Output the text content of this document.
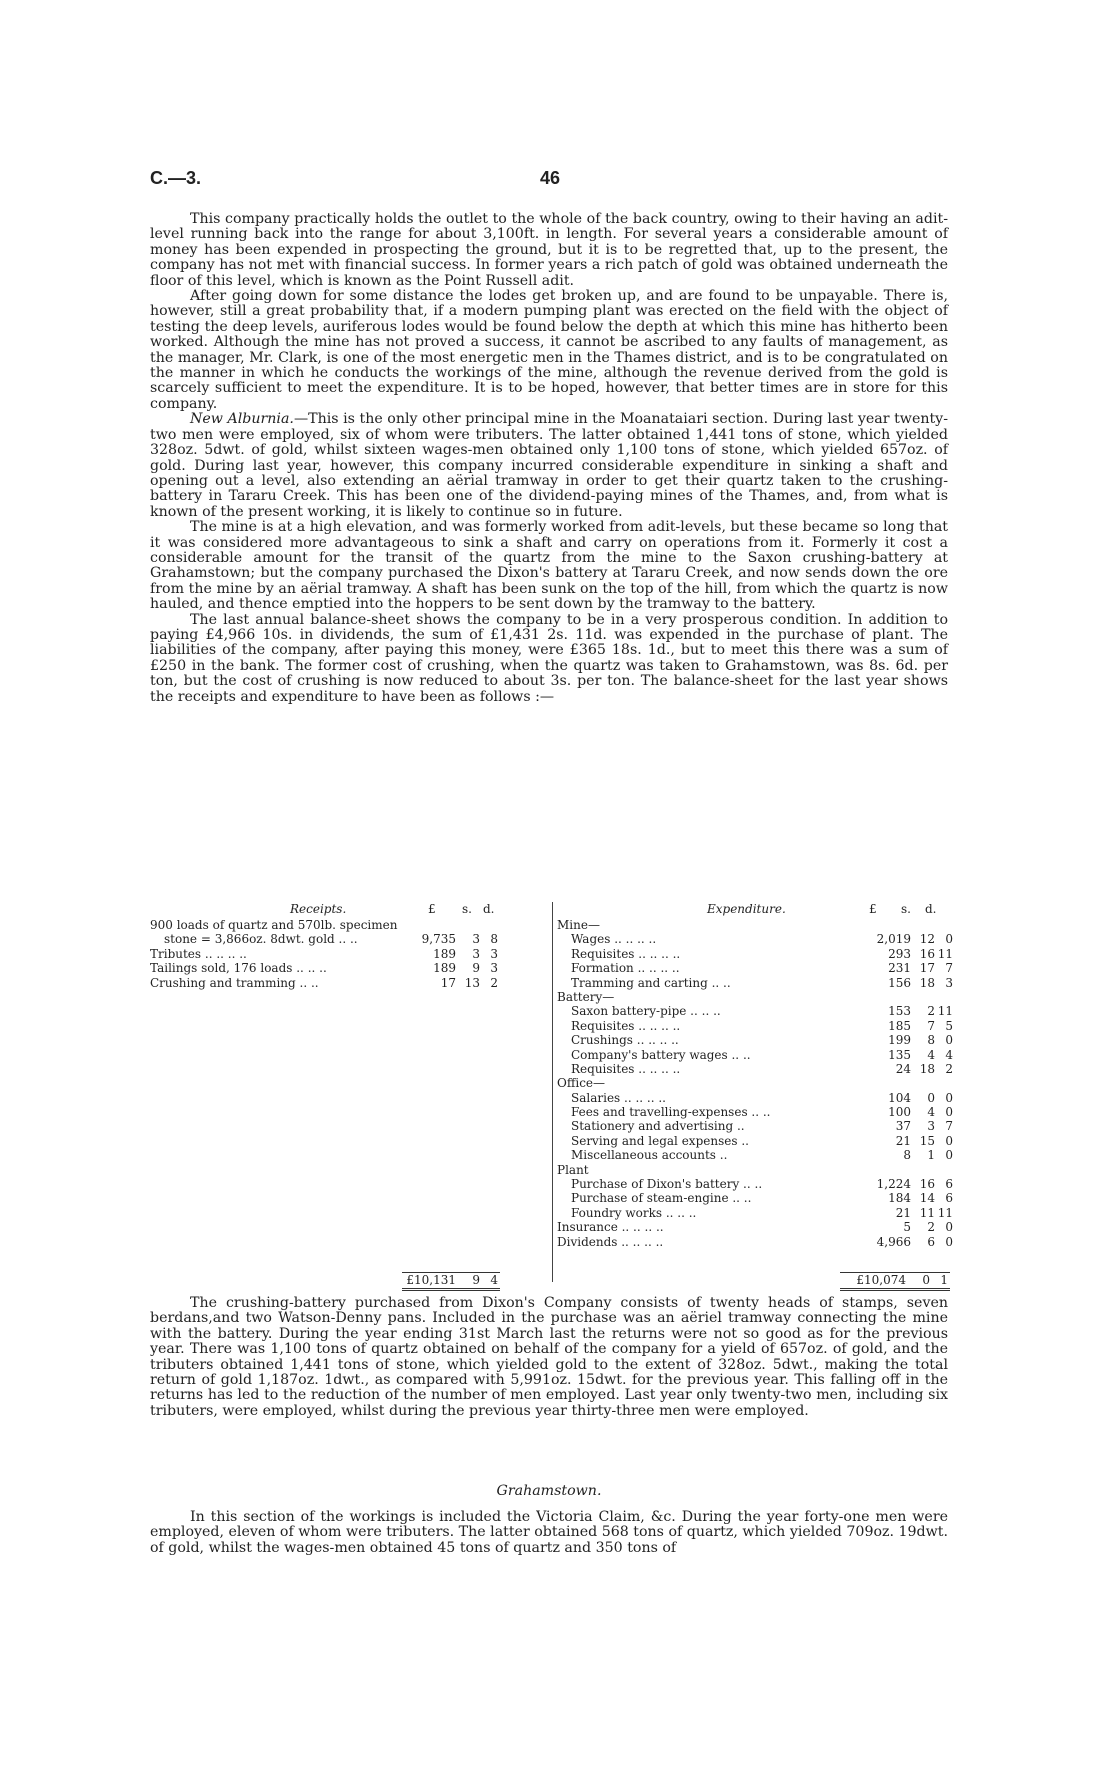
C.—3.	46

This company practically holds the outlet to the whole of the back country, owing to their having an adit-level running back into the range for about 3,100ft. in length. For several years a considerable amount of money has been expended in prospecting the ground, but it is to be regretted that, up to the present, the company has not met with financial success. In former years a rich patch of gold was obtained underneath the floor of this level, which is known as the Point Russell adit.

After going down for some distance the lodes get broken up, and are found to be unpayable. There is, however, still a great probability that, if a modern pumping plant was erected on the field with the object of testing the deep levels, auriferous lodes would be found below the depth at which this mine has hitherto been worked. Although the mine has not proved a success, it cannot be ascribed to any faults of management, as the manager, Mr. Clark, is one of the most energetic men in the Thames district, and is to be congratulated on the manner in which he conducts the workings of the mine, although the revenue derived from the gold is scarcely sufficient to meet the expenditure. It is to be hoped, however, that better times are in store for this company.

New Alburnia.—This is the only other principal mine in the Moanataiari section. During last year twenty-two men were employed, six of whom were tributers. The latter obtained 1,441 tons of stone, which yielded 328oz. 5dwt. of gold, whilst sixteen wages-men obtained only 1,100 tons of stone, which yielded 657oz. of gold. During last year, however, this company incurred considerable expenditure in sinking a shaft and opening out a level, also extending an aërial tramway in order to get their quartz taken to the crushing-battery in Tararu Creek. This has been one of the dividend-paying mines of the Thames, and, from what is known of the present working, it is likely to continue so in future.

The mine is at a high elevation, and was formerly worked from adit-levels, but these became so long that it was considered more advantageous to sink a shaft and carry on operations from it. Formerly it cost a considerable amount for the transit of the quartz from the mine to the Saxon crushing-battery at Grahamstown; but the company purchased the Dixon's battery at Tararu Creek, and now sends down the ore from the mine by an aërial tramway. A shaft has been sunk on the top of the hill, from which the quartz is now hauled, and thence emptied into the hoppers to be sent down by the tramway to the battery.

The last annual balance-sheet shows the company to be in a very prosperous condition. In addition to paying £4,966 10s. in dividends, the sum of £1,431 2s. 11d. was expended in the purchase of plant. The liabilities of the company, after paying this money, were £365 18s. 1d., but to meet this there was a sum of £250 in the bank. The former cost of crushing, when the quartz was taken to Grahamstown, was 8s. 6d. per ton, but the cost of crushing is now reduced to about 3s. per ton. The balance-sheet for the last year shows the receipts and expenditure to have been as follows :—

Receipts.	£ s. d.
900 loads of quartz and 570lb. specimen
stone = 3,866oz. 8dwt. gold .. ..	9,735 3 8
Tributes .. .. .. ..	189 3 3
Tailings sold, 176 loads .. .. ..	189 9 3
Crushing and tramming .. ..	17 13 2
£10,131 9 4
Expenditure.	£ s. d.
Mine—
Wages .. .. .. ..	2,019 12 0
Requisites .. .. .. ..	293 16 11
Formation .. .. .. ..	231 17 7
Tramming and carting .. ..	156 18 3
Battery—
Saxon battery-pipe .. .. ..	153 2 11
Requisites .. .. .. ..	185 7 5
Crushings .. .. .. ..	199 8 0
Company's battery wages .. ..	135 4 4
Requisites .. .. .. ..	24 18 2
Office—
Salaries .. .. .. ..	104 0 0
Fees and travelling-expenses .. ..	100 4 0
Stationery and advertising ..	37 3 7
Serving and legal expenses ..	21 15 0
Miscellaneous accounts ..	8 1 0
Plant
Purchase of Dixon's battery .. ..	1,224 16 6
Purchase of steam-engine .. ..	184 14 6
Foundry works .. .. ..	21 11 11
Insurance .. .. .. ..	5 2 0
Dividends .. .. .. ..	4,966 6 0
£10,074 0 1

The crushing-battery purchased from Dixon's Company consists of twenty heads of stamps, seven berdans,and two Watson-Denny pans. Included in the purchase was an aëriel tramway connecting the mine with the battery. During the year ending 31st March last the returns were not so good as for the previous year. There was 1,100 tons of quartz obtained on behalf of the company for a yield of 657oz. of gold, and the tributers obtained 1,441 tons of stone, which yielded gold to the extent of 328oz. 5dwt., making the total return of gold 1,187oz. 1dwt., as compared with 5,991oz. 15dwt. for the previous year. This falling off in the returns has led to the reduction of the number of men employed. Last year only twenty-two men, including six tributers, were employed, whilst during the previous year thirty-three men were employed.

Grahamstown.

In this section of the workings is included the Victoria Claim, &c. During the year forty-one men were employed, eleven of whom were tributers. The latter obtained 568 tons of quartz, which yielded 709oz. 19dwt. of gold, whilst the wages-men obtained 45 tons of quartz and 350 tons of
